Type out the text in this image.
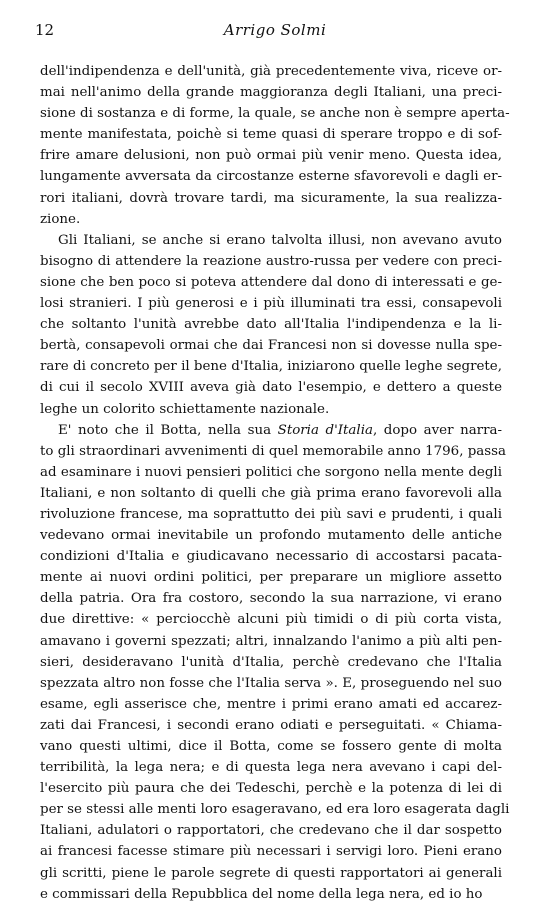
12	Arrigo Solmi
dell'indipendenza e dell'unità, già precedentemente viva, riceve or-
mai nell'animo della grande maggioranza degli Italiani, una preci-
sione di sostanza e di forme, la quale, se anche non è sempre aperta-
mente manifestata, poichè si teme quasi di sperare troppo e di sof-
frire amare delusioni, non può ormai più venir meno. Questa idea,
lungamente avversata da circostanze esterne sfavorevoli e dagli er-
rori italiani, dovrà trovare tardi, ma sicuramente, la sua realizza-
zione.
Gli Italiani, se anche si erano talvolta illusi, non avevano avuto
bisogno di attendere la reazione austro-russa per vedere con preci-
sione che ben poco si poteva attendere dal dono di interessati e ge-
losi stranieri. I più generosi e i più illuminati tra essi, consapevoli
che soltanto l'unità avrebbe dato all'Italia l'indipendenza e la li-
bertà, consapevoli ormai che dai Francesi non si dovesse nulla spe-
rare di concreto per il bene d'Italia, iniziarono quelle leghe segrete,
di cui il secolo XVIII aveva già dato l'esempio, e dettero a queste
leghe un colorito schiettamente nazionale.
E' noto che il Botta, nella sua Storia d'Italia, dopo aver narra-
to gli straordinari avvenimenti di quel memorabile anno 1796, passa
ad esaminare i nuovi pensieri politici che sorgono nella mente degli
Italiani, e non soltanto di quelli che già prima erano favorevoli alla
rivoluzione francese, ma soprattutto dei più savi e prudenti, i quali
vedevano ormai inevitabile un profondo mutamento delle antiche
condizioni d'Italia e giudicavano necessario di accostarsi pacata-
mente ai nuovi ordini politici, per preparare un migliore assetto
della patria. Ora fra costoro, secondo la sua narrazione, vi erano
due direttive: « perciocchè alcuni più timidi o di più corta vista,
amavano i governi spezzati; altri, innalzando l'animo a più alti pen-
sieri, desideravano l'unità d'Italia, perchè credevano che l'Italia
spezzata altro non fosse che l'Italia serva ». E, proseguendo nel suo
esame, egli asserisce che, mentre i primi erano amati ed accarez-
zati dai Francesi, i secondi erano odiati e perseguitati. « Chiama-
vano questi ultimi, dice il Botta, come se fossero gente di molta
terribilità, la lega nera; e di questa lega nera avevano i capi del-
l'esercito più paura che dei Tedeschi, perchè e la potenza di lei di
per se stessi alle menti loro esageravano, ed era loro esagerata dagli
Italiani, adulatori o rapportatori, che credevano che il dar sospetto
ai francesi facesse stimare più necessari i servigi loro. Pieni erano
gli scritti, piene le parole segrete di questi rapportatori ai generali
e commissari della Repubblica del nome della lega nera, ed io ho
